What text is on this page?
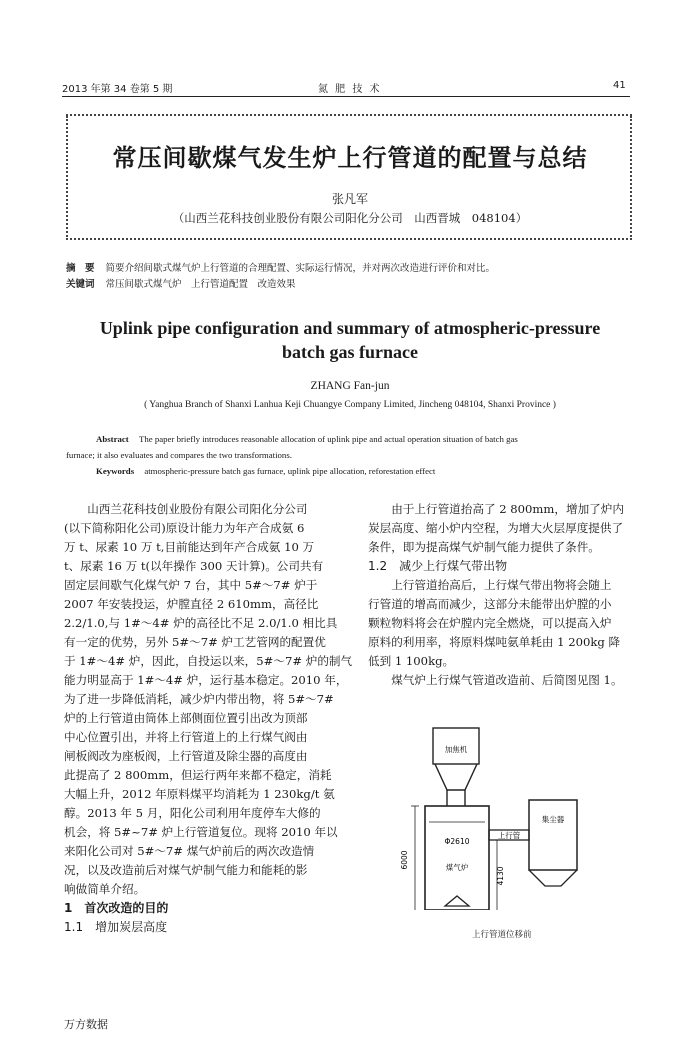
2013 年第 34 卷第 5 期	氮 肥 技 术	41
常压间歇煤气发生炉上行管道的配置与总结
张凡军
（山西兰花科技创业股份有限公司阳化分公司　山西晋城　048104）
摘　要 简要介绍间歇式煤气炉上行管道的合理配置、实际运行情况，并对两次改造进行评价和对比。
关键词 常压间歇式煤气炉　上行管道配置　改造效果
Uplink pipe configuration and summary of atmospheric-pressure
batch gas furnace
ZHANG Fan-jun
( Yanghua Branch of Shanxi Lanhua Keji Chuangye Company Limited, Jincheng 048104, Shanxi Province )
Abstract The paper briefly introduces reasonable allocation of uplink pipe and actual operation situation of batch gas
furnace; it also evaluates and compares the two transformations.
Keywords atmospheric-pressure batch gas furnace, uplink pipe allocation, reforestation effect

　　山西兰花科技创业股份有限公司阳化分公司

(以下简称阳化公司)原设计能力为年产合成氨 6

万 t、尿素 10 万 t,目前能达到年产合成氨 10 万

t、尿素 16 万 t(以年操作 300 天计算)。公司共有

固定层间歇气化煤气炉 7 台，其中 5#～7# 炉于

2007 年安装投运，炉膛直径 2 610mm，高径比

2.2/1.0,与 1#～4# 炉的高径比不足 2.0/1.0 相比具

有一定的优势，另外 5#～7# 炉工艺管网的配置优

于 1#～4# 炉，因此，自投运以来，5#～7# 炉的制气

能力明显高于 1#～4# 炉，运行基本稳定。2010 年，

为了进一步降低消耗，减少炉内带出物，将 5#～7#

炉的上行管道由筒体上部侧面位置引出改为顶部

中心位置引出，并将上行管道上的上行煤气阀由

闸板阀改为座板阀，上行管道及除尘器的高度由

此提高了 2 800mm，但运行两年来都不稳定，消耗

大幅上升，2012 年原料煤平均消耗为 1 230kg/t 氨

醇。2013 年 5 月，阳化公司利用年度停车大修的

机会，将 5#~7# 炉上行管道复位。现将 2010 年以

来阳化公司对 5#～7# 煤气炉前后的两次改造情

况，以及改造前后对煤气炉制气能力和能耗的影

响做简单介绍。

1　首次改造的目的
1.1　增加炭层高度

　　由于上行管道抬高了 2 800mm，增加了炉内

炭层高度、缩小炉内空程，为增大火层厚度提供了

条件，即为提高煤气炉制气能力提供了条件。

1.2　减少上行煤气带出物

　　上行管道抬高后，上行煤气带出物将会随上

行管道的增高而减少，这部分未能带出炉膛的小

颗粒物料将会在炉膛内完全燃烧，可以提高入炉

原料的利用率，将原料煤吨氨单耗由 1 200kg 降

低到 1 100kg。

　　煤气炉上行煤气管道改造前、后简图见图 1。

加焦机
Φ2610
煤气炉
上行管
集尘器
6000
4130
上行管道位移前
万方数据
